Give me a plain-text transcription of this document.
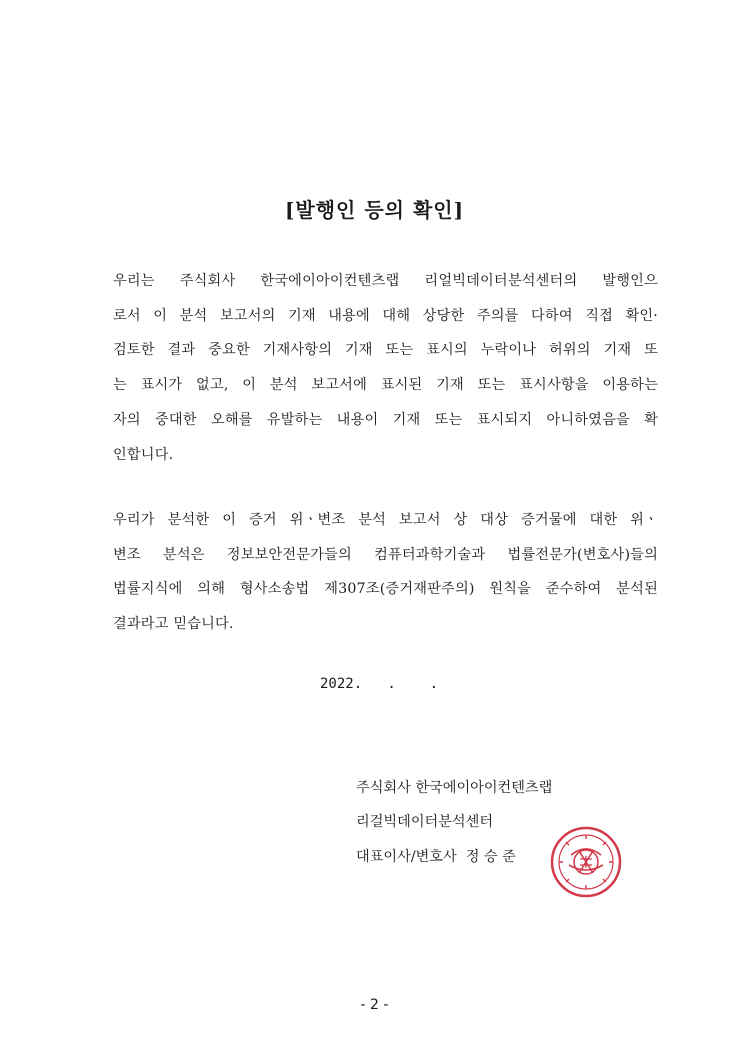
[발행인 등의 확인]
우리는 주식회사 한국에이아이컨텐츠랩 리얼빅데이터분석센터의 발행인으
로서 이 분석 보고서의 기재 내용에 대해 상당한 주의를 다하여 직접 확인·
검토한 결과 중요한 기재사항의 기재 또는 표시의 누락이나 허위의 기재 또
는 표시가 없고, 이 분석 보고서에 표시된 기재 또는 표시사항을 이용하는
자의 중대한 오해를 유발하는 내용이 기재 또는 표시되지 아니하였음을 확
인합니다.
우리가 분석한 이 증거 위ㆍ변조 분석 보고서 상 대상 증거물에 대한 위ㆍ
변조 분석은 정보보안전문가들의 컴퓨터과학기술과 법률전문가(변호사)들의
법률지식에 의해 형사소송법 제307조(증거재판주의) 원칙을 준수하여 분석된
결과라고 믿습니다.
2022.   .    .
주식회사 한국에이아이컨텐츠랩
리걸빅데이터분석센터
대표이사/변호사  정 승 준
- 2 -
